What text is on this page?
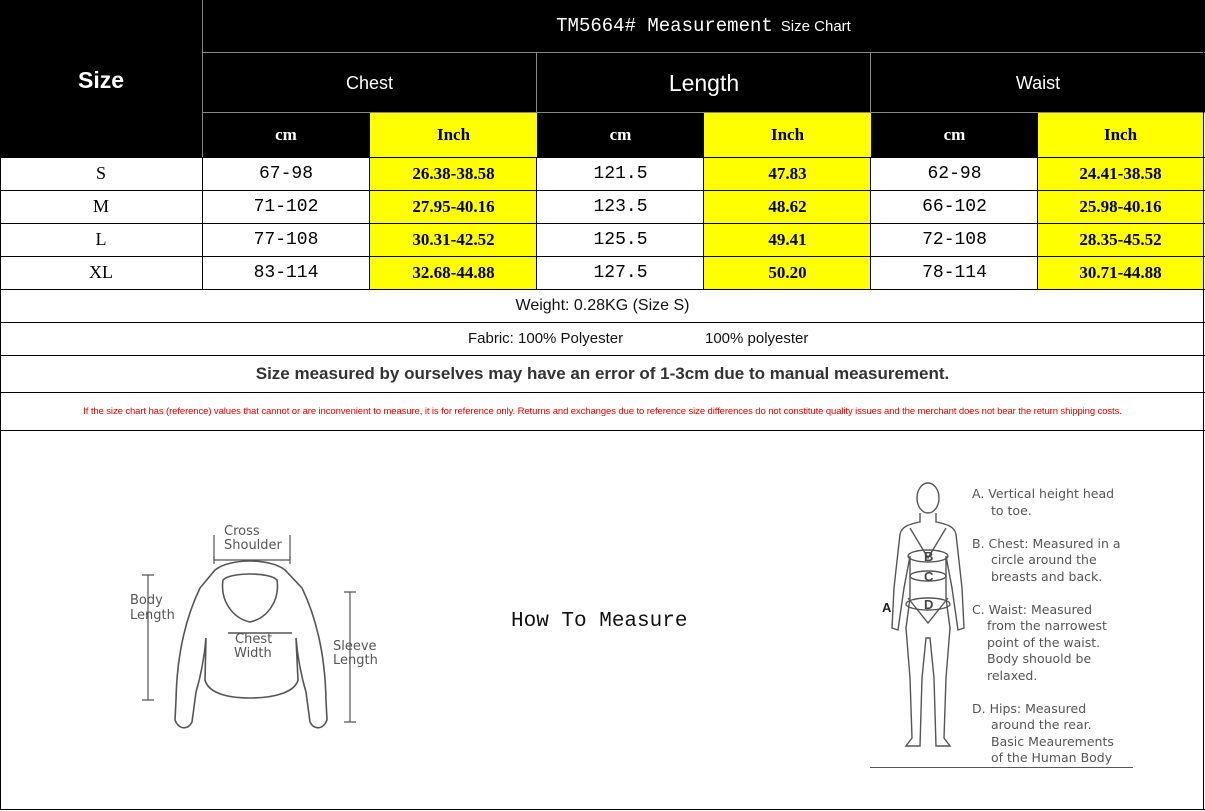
TM5664# Measurement Size Chart
Size	Chest	Length	Waist
cm	Inch	cm	Inch	cm	Inch
S	67-98	26.38-38.58	121.5	47.83	62-98	24.41-38.58
M	71-102	27.95-40.16	123.5	48.62	66-102	25.98-40.16
L	77-108	30.31-42.52	125.5	49.41	72-108	28.35-45.52
XL	83-114	32.68-44.88	127.5	50.20	78-114	30.71-44.88
Weight: 0.28KG (Size S)
Fabric: 100% Polyester	100% polyester
Size measured by ourselves may have an error of 1-3cm due to manual measurement.
If the size chart has (reference) values that cannot or are inconvenient to measure, it is for reference only. Returns and exchanges due to reference size differences do not constitute quality issues and the merchant does not bear the return shipping costs.
Cross
Shoulder
Body
Length
Chest
Width	Sleeve
Length
How To Measure
A
B
C
D
A. Vertical height head
to toe.
B. Chest: Measured in a
circle around the
breasts and back.
C. Waist: Measured
from the narrowest
point of the waist.
Body shouold be
relaxed.
D. Hips: Measured
around the rear.
Basic Meaurements
of the Human Body
